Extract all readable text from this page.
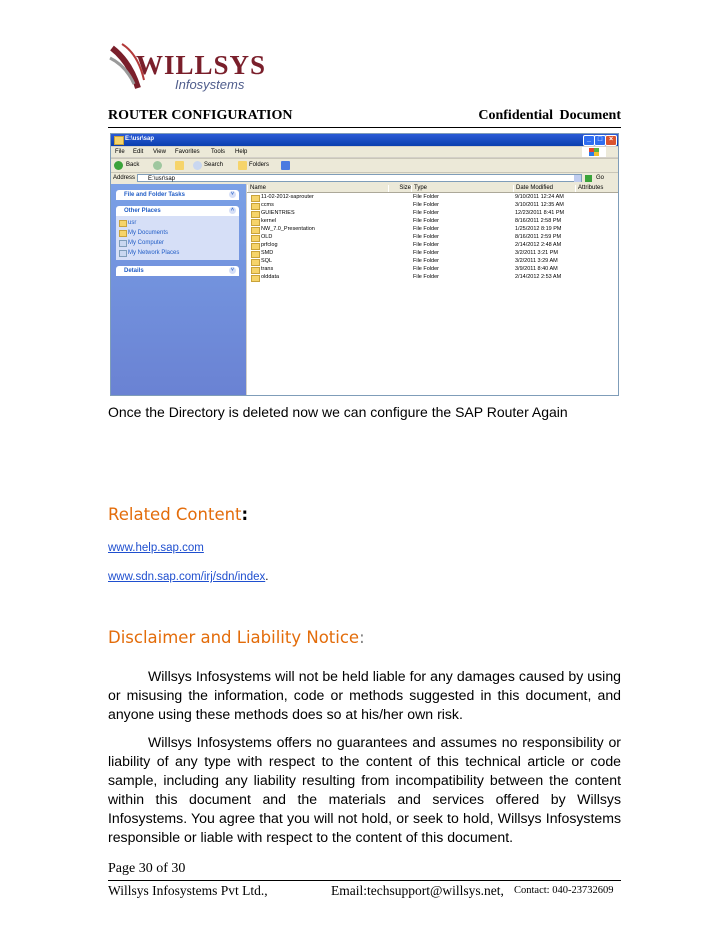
WILLSYS
Infosystems
ROUTER CONFIGURATION	Confidential Document
E:\usr\sap	_ □ ×
File Edit View Favorites Tools Help
Back	Search	Folders
Address	E:\usr\sap	Go
File and Folder Tasks	˅
Other Places	˄
usr
My Documents
My Computer
My Network Places
Details	˅
Name	Size Type	Date Modified	Attributes
11-02-2012-saprouter	File Folder	9/10/2011 12:24 AM
ccms	File Folder	3/10/2011 12:35 AM
GUIENTRIES	File Folder	12/23/2011 8:41 PM
kernel	File Folder	8/16/2011 2:58 PM
NW_7.0_Presentation	File Folder	1/25/2012 8:19 PM
OLD	File Folder	8/16/2011 2:59 PM
prfclog	File Folder	2/14/2012 2:48 AM
SMD	File Folder	3/2/2011 3:21 PM
SQL	File Folder	3/2/2011 3:29 AM
trans	File Folder	3/9/2011 8:40 AM
olddata	File Folder	2/14/2012 2:53 AM
Once the Directory is deleted now we can configure the SAP Router Again
Related Content:
www.help.sap.com
www.sdn.sap.com/irj/sdn/index.
Disclaimer and Liability Notice:
Willsys Infosystems will not be held liable for any damages caused by using or misusing the information, code or methods suggested in this document, and anyone using these methods does so at his/her own risk.
Willsys Infosystems offers no guarantees and assumes no responsibility or liability of any type with respect to the content of this technical article or code sample, including any liability resulting from incompatibility between the content within this document and the materials and services offered by Willsys Infosystems. You agree that you will not hold, or seek to hold, Willsys Infosystems responsible or liable with respect to the content of this document.
Page 30 of 30
Willsys Infosystems Pvt Ltd.,	Email:techsupport@willsys.net, Contact: 040-23732609
